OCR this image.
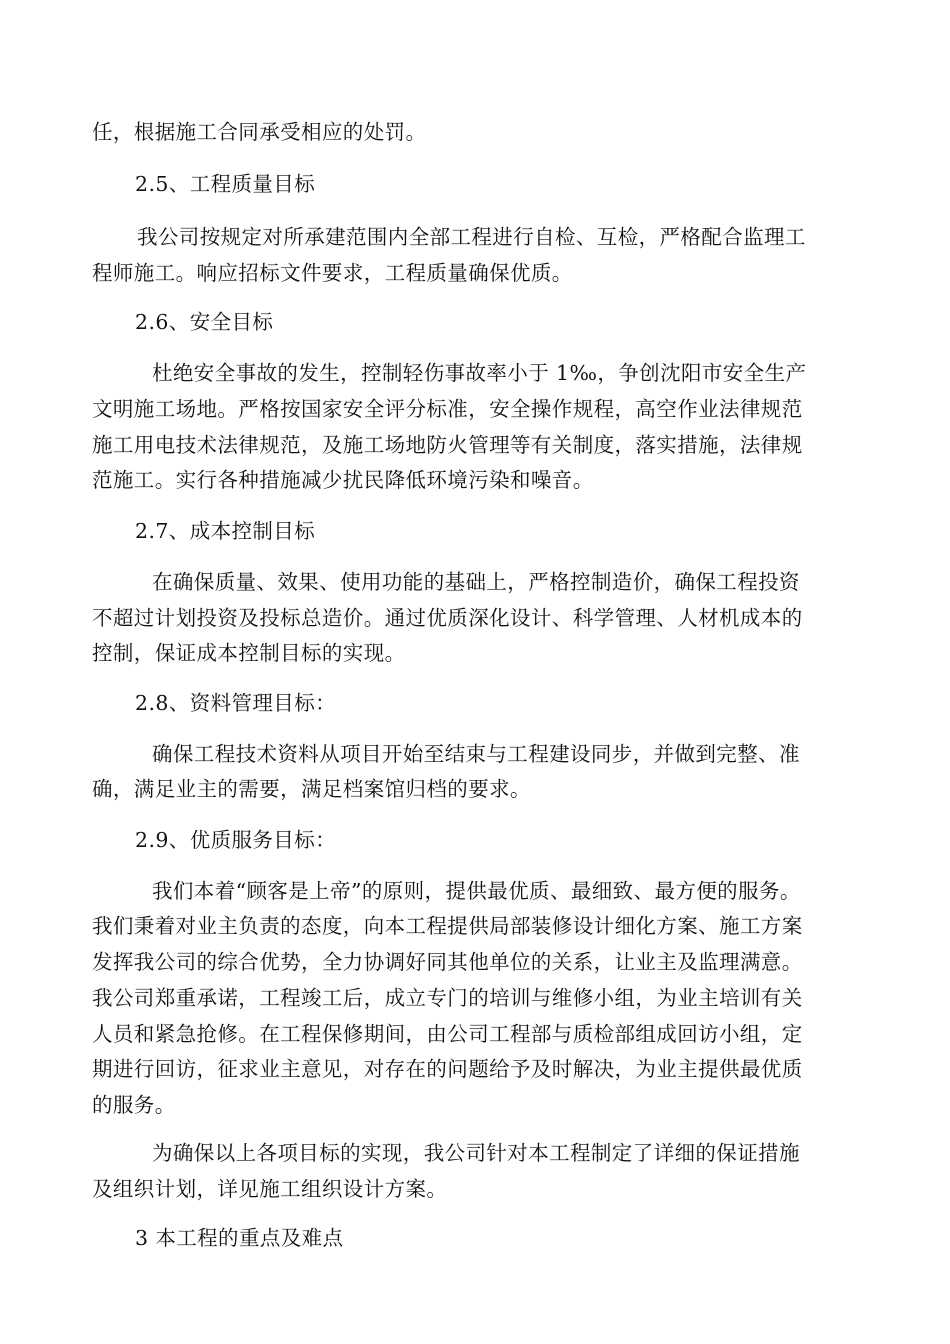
任，根据施工合同承受相应的处罚。
2.5、工程质量目标
我公司按规定对所承建范围内全部工程进行自检、互检，严格配合监理工
程师施工。响应招标文件要求，工程质量确保优质。
2.6、安全目标
杜绝安全事故的发生，控制轻伤事故率小于 1‰，争创沈阳市安全生产
文明施工场地。严格按国家安全评分标准，安全操作规程，高空作业法律规范
施工用电技术法律规范，及施工场地防火管理等有关制度，落实措施，法律规
范施工。实行各种措施减少扰民降低环境污染和噪音。
2.7、成本控制目标
在确保质量、效果、使用功能的基础上，严格控制造价，确保工程投资
不超过计划投资及投标总造价。通过优质深化设计、科学管理、人材机成本的
控制，保证成本控制目标的实现。
2.8、资料管理目标：
确保工程技术资料从项目开始至结束与工程建设同步，并做到完整、准
确，满足业主的需要，满足档案馆归档的要求。
2.9、优质服务目标：
我们本着“顾客是上帝”的原则，提供最优质、最细致、最方便的服务。
我们秉着对业主负责的态度，向本工程提供局部装修设计细化方案、施工方案
发挥我公司的综合优势，全力协调好同其他单位的关系，让业主及监理满意。
我公司郑重承诺，工程竣工后，成立专门的培训与维修小组，为业主培训有关
人员和紧急抢修。在工程保修期间，由公司工程部与质检部组成回访小组，定
期进行回访，征求业主意见，对存在的问题给予及时解决，为业主提供最优质
的服务。
为确保以上各项目标的实现，我公司针对本工程制定了详细的保证措施
及组织计划，详见施工组织设计方案。
3 本工程的重点及难点
